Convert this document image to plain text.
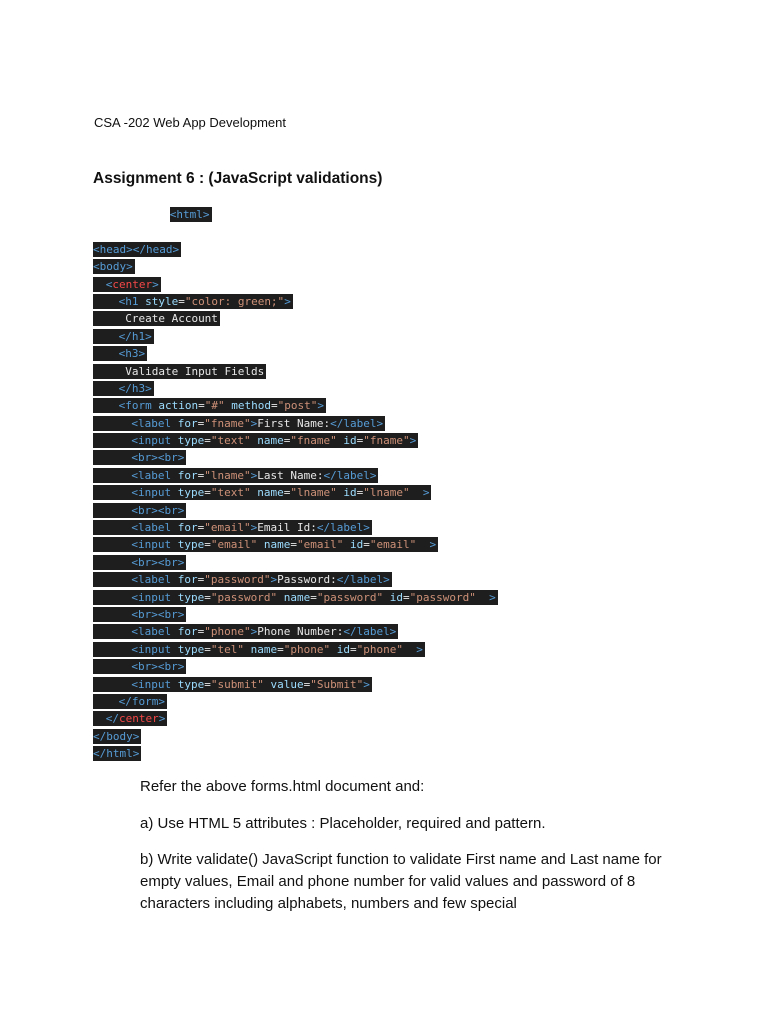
CSA -202 Web App Development
Assignment 6 : (JavaScript validations)
<html>
<head></head>
<body>
<center>
<h1 style="color: green;">
Create Account
</h1>
<h3>
Validate Input Fields
</h3>
<form action="#" method="post">
<label for="fname">First Name:</label>
<input type="text" name="fname" id="fname">
<br><br>
<label for="lname">Last Name:</label>
<input type="text" name="lname" id="lname" >
<br><br>
<label for="email">Email Id:</label>
<input type="email" name="email" id="email" >
<br><br>
<label for="password">Password:</label>
<input type="password" name="password" id="password" >
<br><br>
<label for="phone">Phone Number:</label>
<input type="tel" name="phone" id="phone" >
<br><br>
<input type="submit" value="Submit">
</form>
</center>
</body>
</html>
Refer the above forms.html document and:
a) Use HTML 5 attributes : Placeholder, required and pattern.
b) Write validate() JavaScript function to validate First name and Last name for empty values, Email and phone number for valid values and password of 8 characters including alphabets, numbers and few special
